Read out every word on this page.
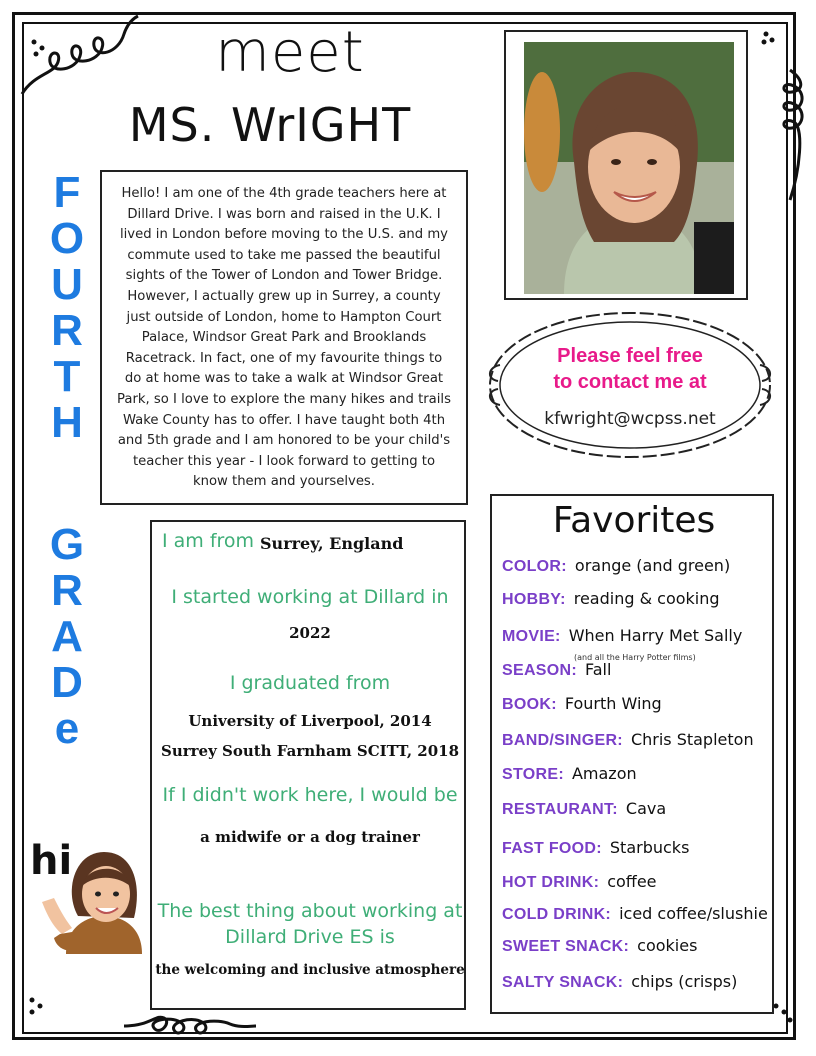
meet
MS. WrIGHT
F
O
U
R
T
H
G
R
A
D
e
Hello! I am one of the 4th grade teachers here at Dillard Drive. I was born and raised in the U.K. I lived in London before moving to the U.S. and my commute used to take me passed the beautiful sights of the Tower of London and Tower Bridge. However, I actually grew up in Surrey, a county just outside of London, home to Hampton Court Palace, Windsor Great Park and Brooklands Racetrack. In fact, one of my favourite things to do at home was to take a walk at Windsor Great Park, so I love to explore the many hikes and trails Wake County has to offer. I have taught both 4th and 5th grade and I am honored to be your child's teacher this year - I look forward to getting to know them and yourselves.
Please feel free
to contact me at
kfwright@wcpss.net
I am from Surrey, England
I started working at Dillard in
2022
I graduated from
University of Liverpool, 2014
Surrey South Farnham SCITT, 2018
If I didn't work here, I would be
a midwife or a dog trainer
The best thing about working at
Dillard Drive ES is
the welcoming and inclusive atmosphere
hi
Favorites
(and all the Harry Potter films)
COLOR: orange (and green)
HOBBY: reading & cooking
MOVIE: When Harry Met Sally
SEASON: Fall
BOOK: Fourth Wing
BAND/SINGER: Chris Stapleton
STORE: Amazon
RESTAURANT: Cava
FAST FOOD: Starbucks
HOT DRINK: coffee
COLD DRINK: iced coffee/slushie
SWEET SNACK: cookies
SALTY SNACK: chips (crisps)
